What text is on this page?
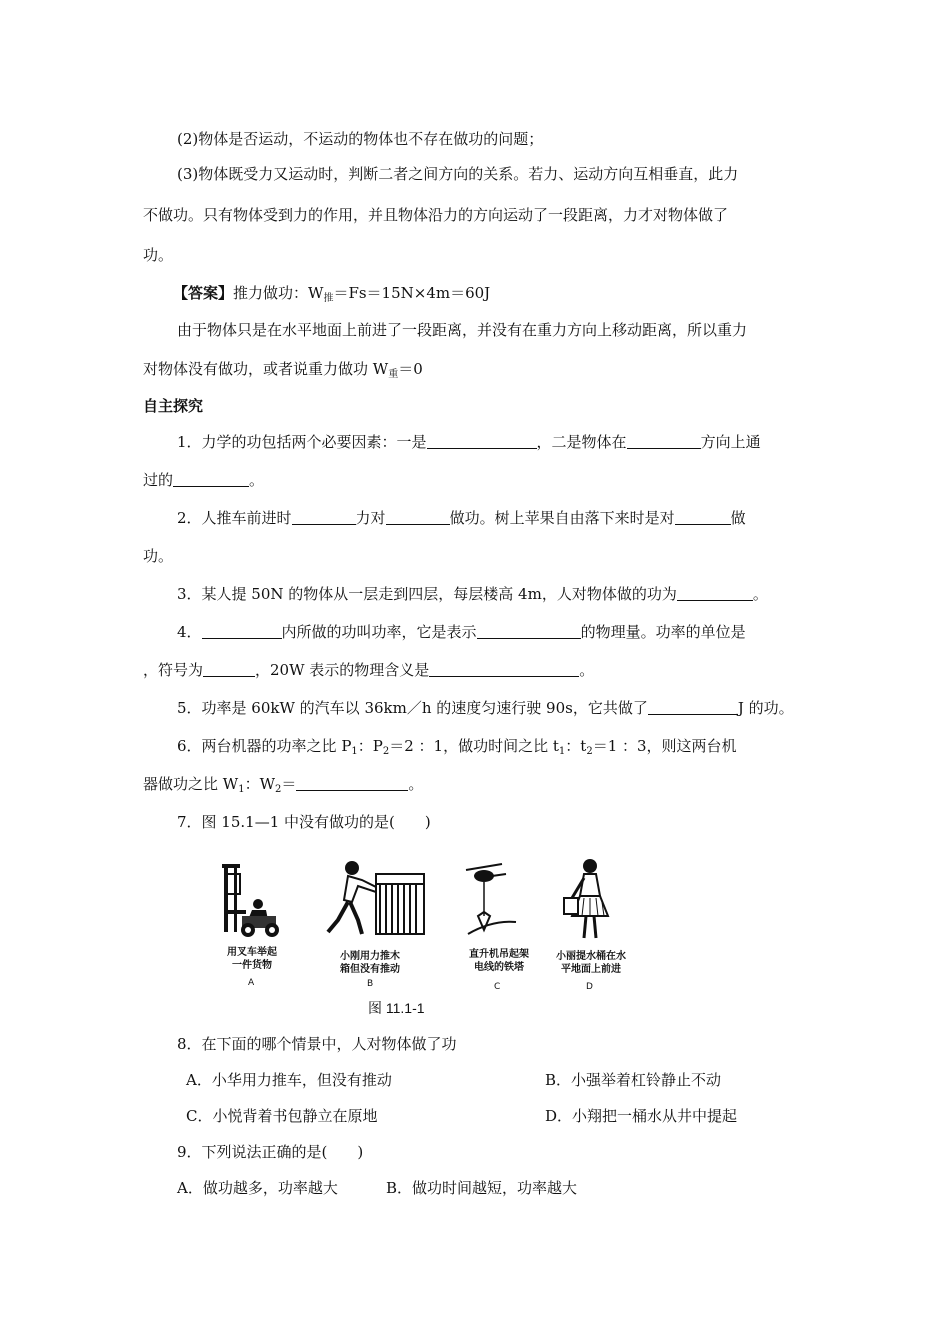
(2)物体是否运动，不运动的物体也不存在做功的问题；
(3)物体既受力又运动时，判断二者之间方向的关系。若力、运动方向互相垂直，此力
不做功。只有物体受到力的作用，并且物体沿力的方向运动了一段距离，力才对物体做了
功。
【答案】推力做功：$W_推=Fs=15N\times 4m=60J$
由于物体只是在水平地面上前进了一段距离，并没有在重力方向上移动距离，所以重力
对物体没有做功，或者说重力做功 $W_重=0$
自主探究
1．力学的功包括两个必要因素：一是	，二是物体在	方向上通
过的	。
2．人推车前进时	力对	做功。树上苹果自由落下来时是对	做
功。
3．某人提 50N 的物体从一层走到四层，每层楼高 4m，人对物体做的功为	。
4．	内所做的功叫功率，它是表示	的物理量。功率的单位是
，符号为	，20W 表示的物理含义是	。
5．功率是 60kW 的汽车以 36km／h 的速度匀速行驶 90s，它共做了	J 的功。
6．两台机器的功率之比 $P_1$：$P_2=2$ ：1，做功时间之比 $t_1$：$t_2=1$ ：3，则这两台机
器做功之比 $W_1$：$W_2=$	。
7．图 15.1—1 中没有做功的是(　　)
用叉车举起
一件货物
A
小刚用力推木
箱但没有推动
B
直升机吊起架
电线的铁塔
C
小丽提水桶在水
平地面上前进
D
图 11.1-1
8．在下面的哪个情景中，人对物体做了功
A．小华用力推车，但没有推动	B．小强举着杠铃静止不动
C．小悦背着书包静立在原地	D．小翔把一桶水从井中提起
9．下列说法正确的是(　　)
A．做功越多，功率越大	B．做功时间越短，功率越大
